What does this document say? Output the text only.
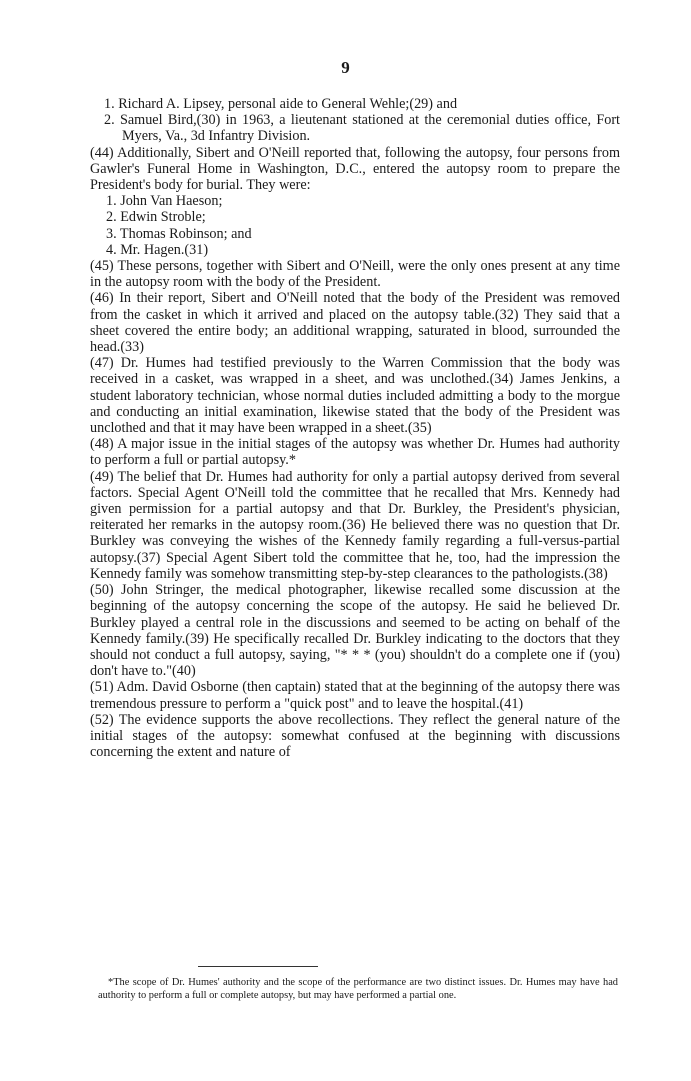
9
1. Richard A. Lipsey, personal aide to General Wehle;(29) and
2. Samuel Bird,(30) in 1963, a lieutenant stationed at the ceremonial duties office, Fort Myers, Va., 3d Infantry Division.

(44) Additionally, Sibert and O'Neill reported that, following the autopsy, four persons from Gawler's Funeral Home in Washington, D.C., entered the autopsy room to prepare the President's body for burial. They were:

1. John Van Haeson;
2. Edwin Stroble;
3. Thomas Robinson; and
4. Mr. Hagen.(31)

(45) These persons, together with Sibert and O'Neill, were the only ones present at any time in the autopsy room with the body of the President.

(46) In their report, Sibert and O'Neill noted that the body of the President was removed from the casket in which it arrived and placed on the autopsy table.(32) They said that a sheet covered the entire body; an additional wrapping, saturated in blood, surrounded the head.(33)

(47) Dr. Humes had testified previously to the Warren Commission that the body was received in a casket, was wrapped in a sheet, and was unclothed.(34) James Jenkins, a student laboratory technician, whose normal duties included admitting a body to the morgue and conducting an initial examination, likewise stated that the body of the President was unclothed and that it may have been wrapped in a sheet.(35)

(48) A major issue in the initial stages of the autopsy was whether Dr. Humes had authority to perform a full or partial autopsy.*

(49) The belief that Dr. Humes had authority for only a partial autopsy derived from several factors. Special Agent O'Neill told the committee that he recalled that Mrs. Kennedy had given permission for a partial autopsy and that Dr. Burkley, the President's physician, reiterated her remarks in the autopsy room.(36) He believed there was no question that Dr. Burkley was conveying the wishes of the Kennedy family regarding a full-versus-partial autopsy.(37) Special Agent Sibert told the committee that he, too, had the impression the Kennedy family was somehow transmitting step-by-step clearances to the pathologists.(38)

(50) John Stringer, the medical photographer, likewise recalled some discussion at the beginning of the autopsy concerning the scope of the autopsy. He said he believed Dr. Burkley played a central role in the discussions and seemed to be acting on behalf of the Kennedy family.(39) He specifically recalled Dr. Burkley indicating to the doctors that they should not conduct a full autopsy, saying, "* * * (you) shouldn't do a complete one if (you) don't have to."(40)

(51) Adm. David Osborne (then captain) stated that at the beginning of the autopsy there was tremendous pressure to perform a "quick post" and to leave the hospital.(41)

(52) The evidence supports the above recollections. They reflect the general nature of the initial stages of the autopsy: somewhat confused at the beginning with discussions concerning the extent and nature of

*The scope of Dr. Humes' authority and the scope of the performance are two distinct issues. Dr. Humes may have had authority to perform a full or complete autopsy, but may have performed a partial one.
